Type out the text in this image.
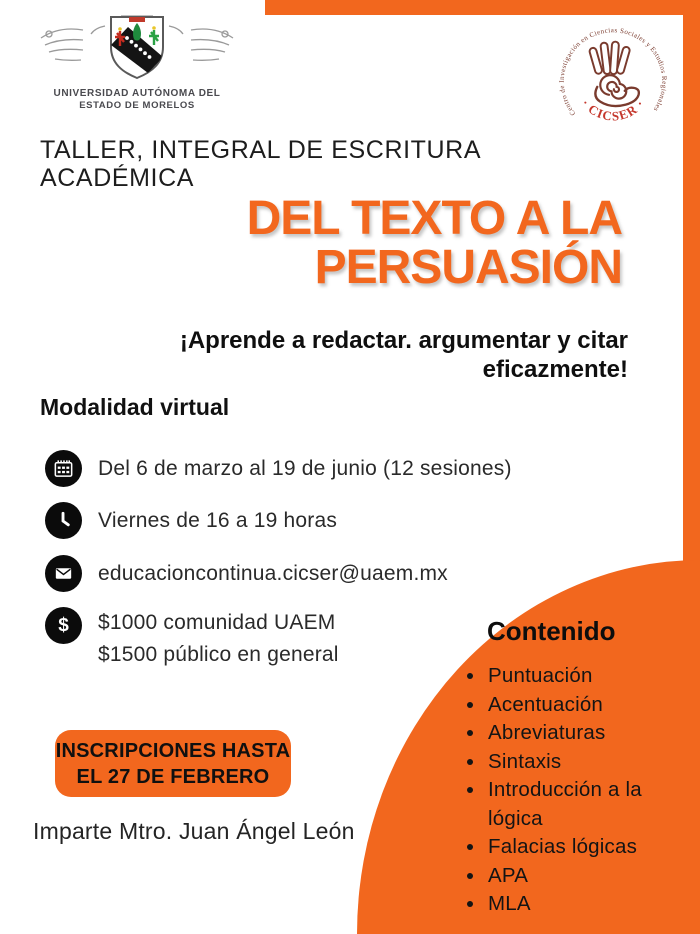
UNIVERSIDAD AUTÓNOMA DEL
ESTADO DE MORELOS
Centro de Investigación en Ciencias Sociales y Estudios Regionales
· CICSER ·
TALLER, INTEGRAL DE ESCRITURA
ACADÉMICA
DEL TEXTO A LA
PERSUASIÓN
¡Aprende a redactar. argumentar y citar
eficazmente!
Modalidad virtual
Del 6 de marzo al 19 de junio (12 sesiones)
Viernes de 16 a 19 horas
educacioncontinua.cicser@uaem.mx
$ $1000 comunidad UAEM
$1500 público en general
INSCRIPCIONES HASTA
EL 27 DE FEBRERO
Imparte Mtro. Juan Ángel León
Contenido
• Puntuación
• Acentuación
• Abreviaturas
• Sintaxis
• Introducción a la lógica
• Falacias lógicas
• APA
• MLA
